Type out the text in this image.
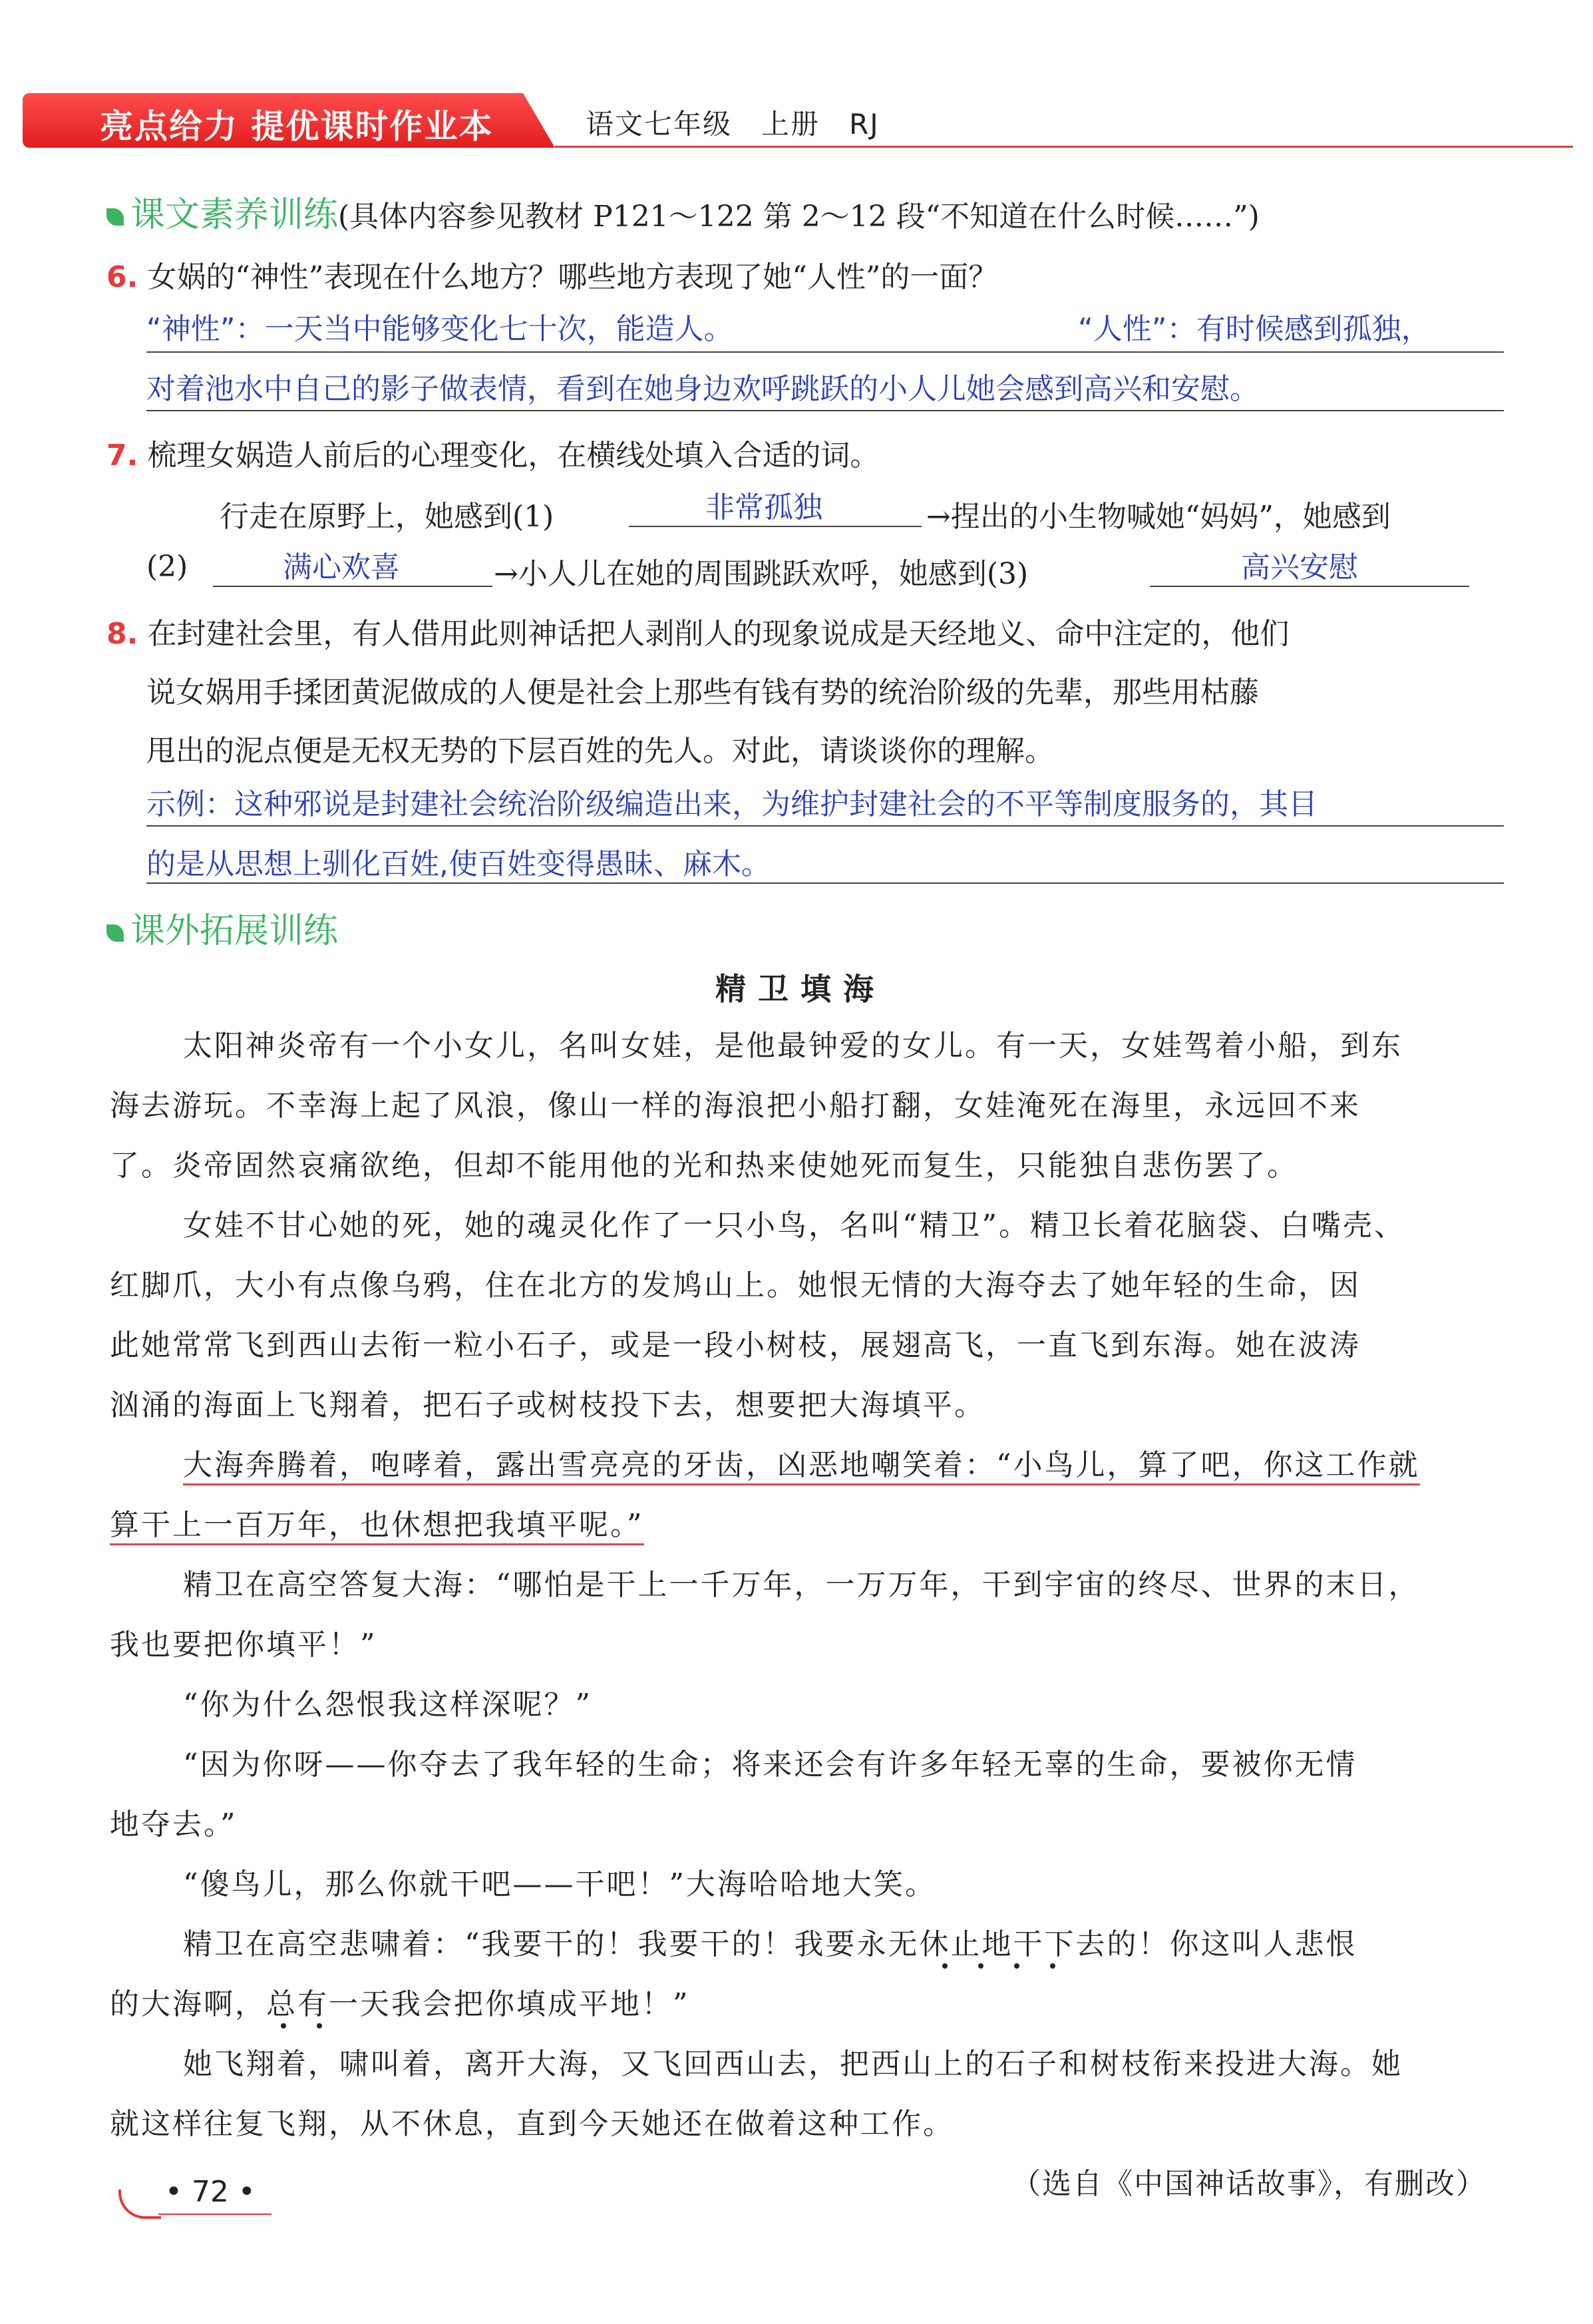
亮点给力 提优课时作业本	语文七年级 上册 RJ
课文素养训练(具体内容参见教材 P121～122 第 2～12 段“不知道在什么时候……”)
6. 女娲的“神性”表现在什么地方？哪些地方表现了她“人性”的一面？
“神性”：一天当中能够变化七十次，能造人。	“人性”：有时候感到孤独，
对着池水中自己的影子做表情，看到在她身边欢呼跳跃的小人儿她会感到高兴和安慰。
7. 梳理女娲造人前后的心理变化，在横线处填入合适的词。
行走在原野上，她感到(1)	非常孤独	→捏出的小生物喊她“妈妈”，她感到
(2)	满心欢喜	→小人儿在她的周围跳跃欢呼，她感到(3)	高兴安慰
8. 在封建社会里，有人借用此则神话把人剥削人的现象说成是天经地义、命中注定的，他们
说女娲用手揉团黄泥做成的人便是社会上那些有钱有势的统治阶级的先辈，那些用枯藤
甩出的泥点便是无权无势的下层百姓的先人。对此，请谈谈你的理解。
示例：这种邪说是封建社会统治阶级编造出来，为维护封建社会的不平等制度服务的，其目
的是从思想上驯化百姓,使百姓变得愚昧、麻木。
课外拓展训练
精卫填海
太阳神炎帝有一个小女儿，名叫女娃，是他最钟爱的女儿。有一天，女娃驾着小船，到东
海去游玩。不幸海上起了风浪，像山一样的海浪把小船打翻，女娃淹死在海里，永远回不来
了。炎帝固然哀痛欲绝，但却不能用他的光和热来使她死而复生，只能独自悲伤罢了。
女娃不甘心她的死，她的魂灵化作了一只小鸟，名叫“精卫”。精卫长着花脑袋、白嘴壳、
红脚爪，大小有点像乌鸦，住在北方的发鸠山上。她恨无情的大海夺去了她年轻的生命，因
此她常常飞到西山去衔一粒小石子，或是一段小树枝，展翅高飞，一直飞到东海。她在波涛
汹涌的海面上飞翔着，把石子或树枝投下去，想要把大海填平。
大海奔腾着，咆哮着，露出雪亮亮的牙齿，凶恶地嘲笑着：“小鸟儿，算了吧，你这工作就
算干上一百万年，也休想把我填平呢。”
精卫在高空答复大海：“哪怕是干上一千万年，一万万年，干到宇宙的终尽、世界的末日，
我也要把你填平！”
“你为什么怨恨我这样深呢？”
“因为你呀——你夺去了我年轻的生命；将来还会有许多年轻无辜的生命，要被你无情
地夺去。”
“傻鸟儿，那么你就干吧——干吧！”大海哈哈地大笑。
精卫在高空悲啸着：“我要干的！我要干的！我要永无休止地干下去的！你这叫人悲恨
的大海啊，总有一天我会把你填成平地！”
她飞翔着，啸叫着，离开大海，又飞回西山去，把西山上的石子和树枝衔来投进大海。她
就这样往复飞翔，从不休息，直到今天她还在做着这种工作。
（选自《中国神话故事》，有删改）
• 72 •
